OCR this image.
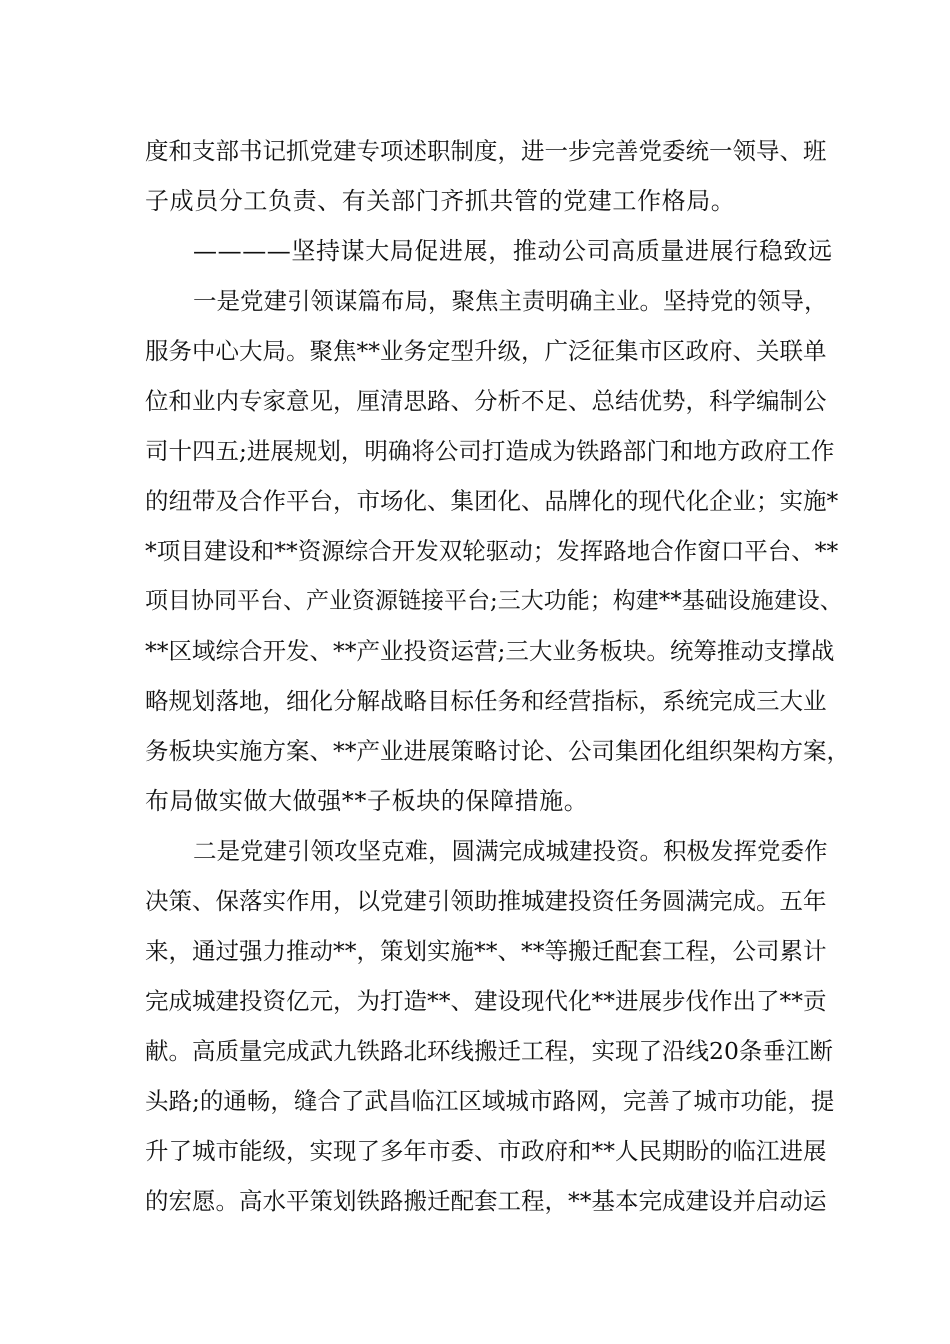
度和支部书记抓党建专项述职制度，进一步完善党委统一领导、班
子成员分工负责、有关部门齐抓共管的党建工作格局。
————坚持谋大局促进展，推动公司高质量进展行稳致远
一是党建引领谋篇布局，聚焦主责明确主业。坚持党的领导，
服务中心大局。聚焦**业务定型升级，广泛征集市区政府、关联单
位和业内专家意见，厘清思路、分析不足、总结优势，科学编制公
司十四五;进展规划，明确将公司打造成为铁路部门和地方政府工作
的纽带及合作平台，市场化、集团化、品牌化的现代化企业；实施*
*项目建设和**资源综合开发双轮驱动；发挥路地合作窗口平台、**
项目协同平台、产业资源链接平台;三大功能；构建**基础设施建设、
**区域综合开发、**产业投资运营;三大业务板块。统筹推动支撑战
略规划落地，细化分解战略目标任务和经营指标，系统完成三大业
务板块实施方案、**产业进展策略讨论、公司集团化组织架构方案，
布局做实做大做强**子板块的保障措施。
二是党建引领攻坚克难，圆满完成城建投资。积极发挥党委作
决策、保落实作用，以党建引领助推城建投资任务圆满完成。五年
来，通过强力推动**，策划实施**、**等搬迁配套工程，公司累计
完成城建投资亿元，为打造**、建设现代化**进展步伐作出了**贡
献。高质量完成武九铁路北环线搬迁工程，实现了沿线20条垂江断
头路;的通畅，缝合了武昌临江区域城市路网，完善了城市功能，提
升了城市能级，实现了多年市委、市政府和**人民期盼的临江进展
的宏愿。高水平策划铁路搬迁配套工程，**基本完成建设并启动运
